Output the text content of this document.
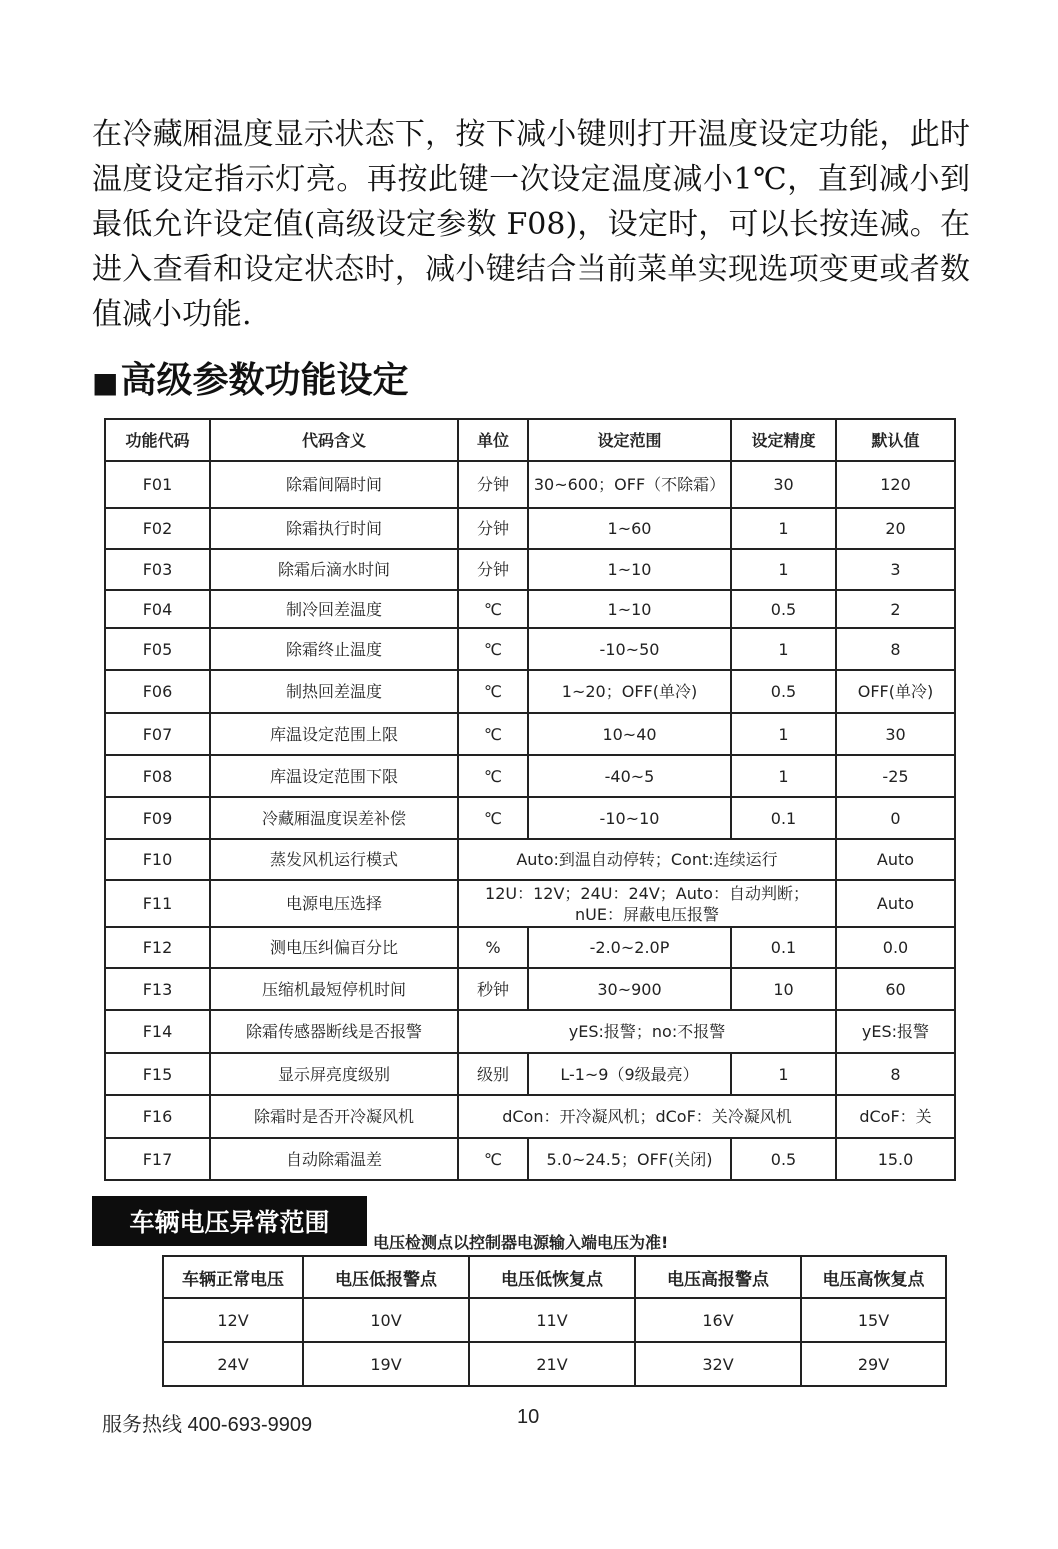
在冷藏厢温度显示状态下，按下减小键则打开温度设定功能，此时温度设定指示灯亮。再按此键一次设定温度减小1℃，直到减小到最低允许设定值(高级设定参数 F08)，设定时，可以长按连减。在进入查看和设定状态时，减小键结合当前菜单实现选项变更或者数值减小功能.

■高级参数功能设定
功能代码	代码含义	单位	设定范围	设定精度	默认值
F01	除霜间隔时间	分钟	30~600；OFF（不除霜）	30	120
F02	除霜执行时间	分钟	1~60	1	20
F03	除霜后滴水时间	分钟	1~10	1	3
F04	制冷回差温度	℃	1~10	0.5	2
F05	除霜终止温度	℃	-10~50	1	8
F06	制热回差温度	℃	1~20；OFF(单冷)	0.5	OFF(单冷)
F07	库温设定范围上限	℃	10~40	1	30
F08	库温设定范围下限	℃	-40~5	1	-25
F09	冷藏厢温度误差补偿	℃	-10~10	0.1	0
F10	蒸发风机运行模式	Auto:到温自动停转；Cont:连续运行			Auto
F11	电源电压选择	12U：12V；24U：24V；Auto：自动判断；nUE：屏蔽电压报警			Auto
F12	测电压纠偏百分比	%	-2.0~2.0P	0.1	0.0
F13	压缩机最短停机时间	秒钟	30~900	10	60
F14	除霜传感器断线是否报警	yES:报警；no:不报警			yES:报警
F15	显示屏亮度级别	级别	L-1~9（9级最亮）	1	8
F16	除霜时是否开冷凝风机	dCon：开冷凝风机；dCoF：关冷凝风机			dCoF：关
F17	自动除霜温差	℃	5.0~24.5；OFF(关闭)	0.5	15.0
车辆电压异常范围
电压检测点以控制器电源输入端电压为准!
车辆正常电压	电压低报警点	电压低恢复点	电压高报警点	电压高恢复点
12V	10V	11V	16V	15V
24V	19V	21V	32V	29V
服务热线 400-693-9909	10
